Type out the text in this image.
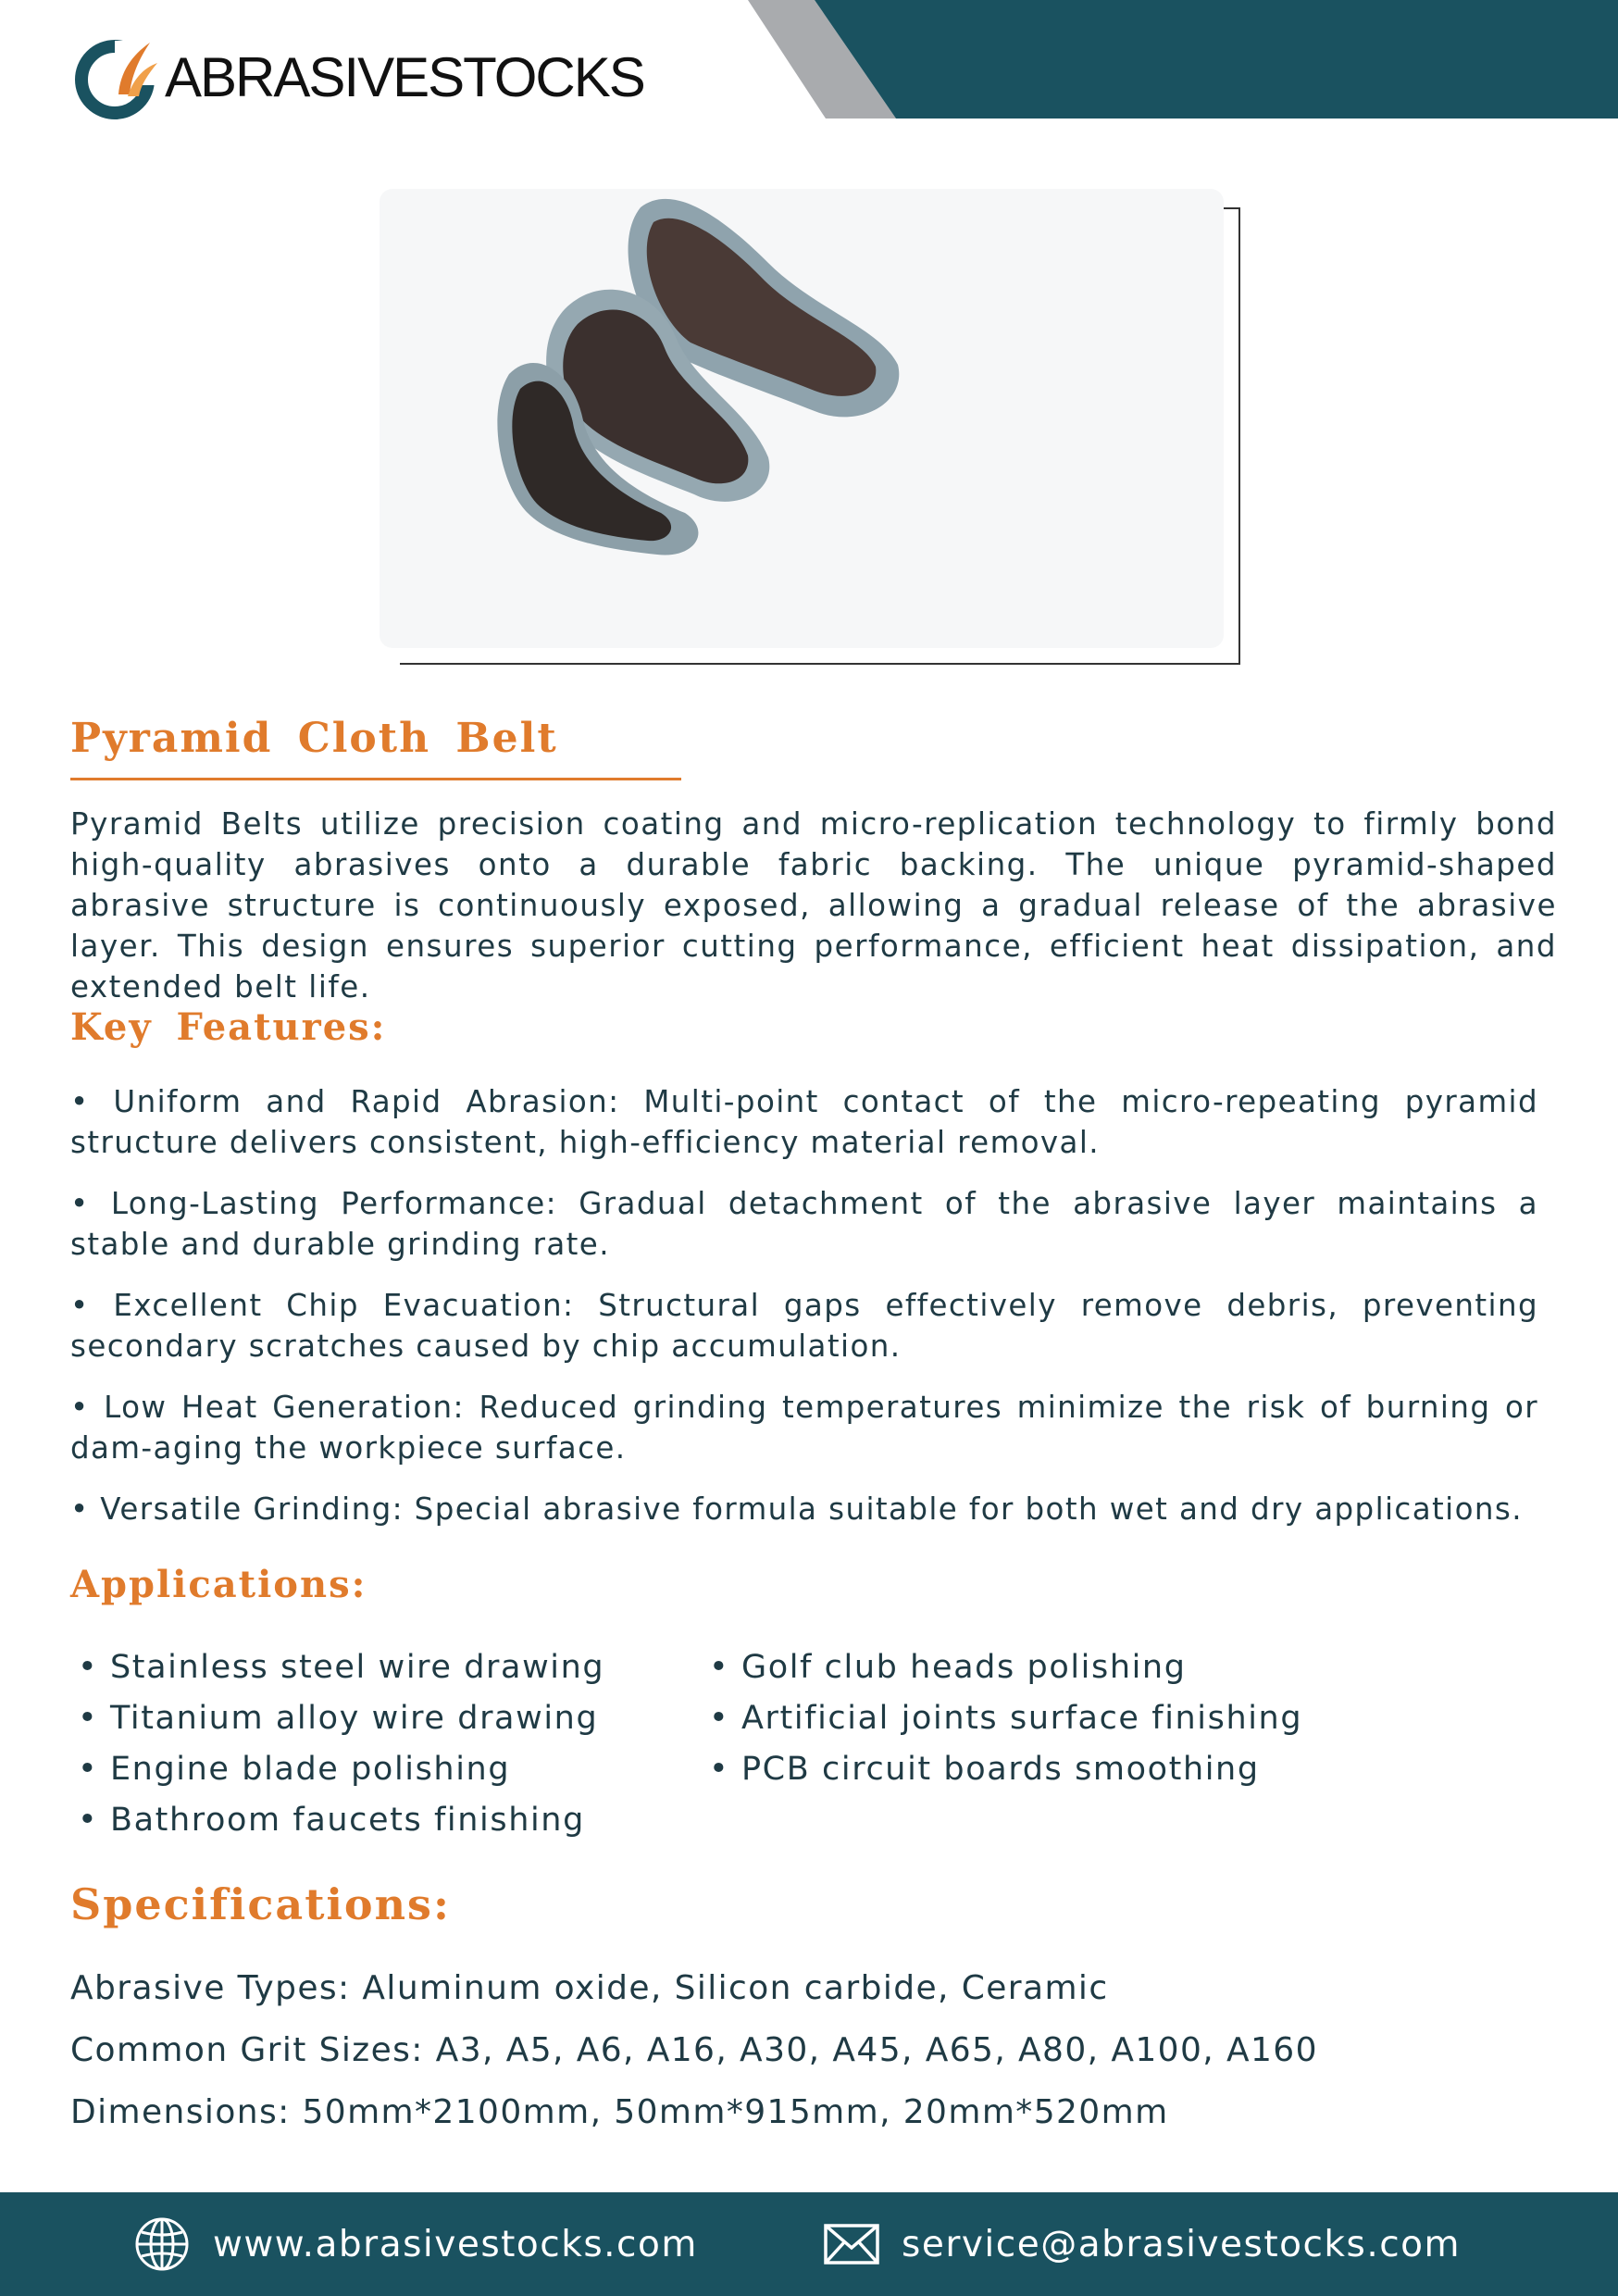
ABRASIVESTOCKS
Pyramid Cloth Belt
Pyramid Belts utilize precision coating and micro-replication technology to firmly bond high-quality abrasives onto a durable fabric backing. The unique pyramid-shaped abrasive structure is continuously exposed, allowing a gradual release of the abrasive layer. This design ensures superior cutting performance, efficient heat dissipation, and extended belt life.
Key Features:
• Uniform and Rapid Abrasion: Multi-point contact of the micro-repeating pyramid structure delivers consistent, high-efficiency material removal.
• Long-Lasting Performance: Gradual detachment of the abrasive layer maintains a stable and durable grinding rate.
• Excellent Chip Evacuation: Structural gaps effectively remove debris, preventing secondary scratches caused by chip accumulation.
• Low Heat Generation: Reduced grinding temperatures minimize the risk of burning or dam-aging the workpiece surface.
• Versatile Grinding: Special abrasive formula suitable for both wet and dry applications.
Applications:
• Stainless steel wire drawing
• Titanium alloy wire drawing
• Engine blade polishing
• Bathroom faucets finishing
• Golf club heads polishing
• Artificial joints surface finishing
• PCB circuit boards smoothing
Specifications:
Abrasive Types: Aluminum oxide, Silicon carbide, Ceramic
Common Grit Sizes: A3, A5, A6, A16, A30, A45, A65, A80, A100, A160
Dimensions: 50mm*2100mm, 50mm*915mm, 20mm*520mm
www.abrasivestocks.com	service@abrasivestocks.com
